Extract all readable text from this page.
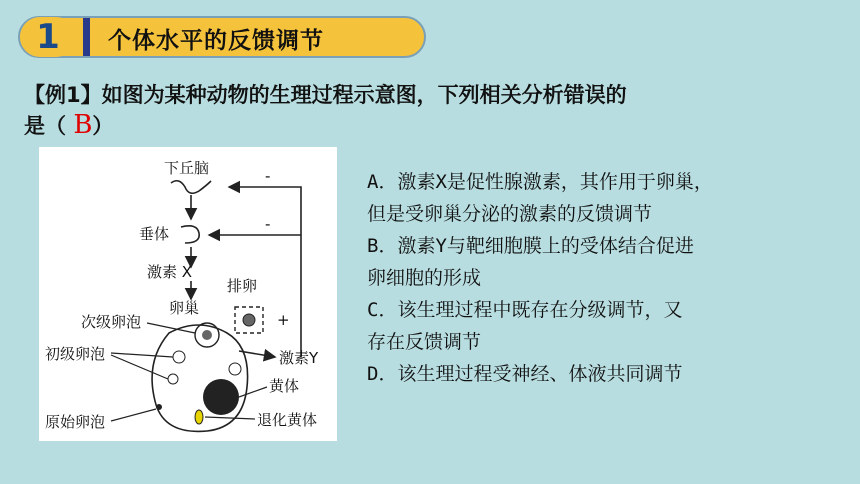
1	个体水平的反馈调节
【例1】如图为某种动物的生理过程示意图，下列相关分析错误的
是（ B）
下丘脑
垂体
激素 X
-
-
排卵
+
卵巢
激素Y
次级卵泡
初级卵泡
原始卵泡
黄体
退化黄体
A．激素X是促性腺激素，其作用于卵巢，
但是受卵巢分泌的激素的反馈调节
B．激素Y与靶细胞膜上的受体结合促进
卵细胞的形成
C．该生理过程中既存在分级调节，又
存在反馈调节
D．该生理过程受神经、体液共同调节
